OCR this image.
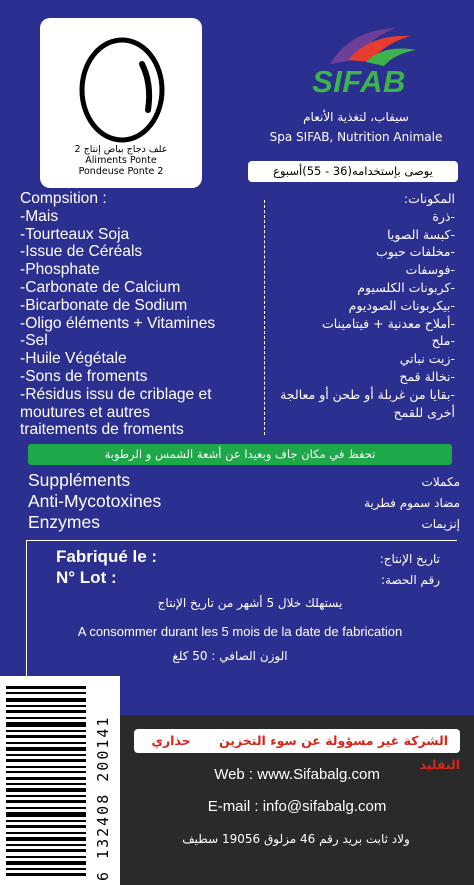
علف دجاج بياض إنتاج 2
Aliments Ponte
Pondeuse Ponte 2
SIFAB
سيفاب، لتغذية الأنعام
Spa SIFAB, Nutrition Animale
يوصى بإستخدامه(36 - 55)أسبوع
Compsition :
-Mais
-Tourteaux Soja
-Issue de Céréals
-Phosphate
-Carbonate de Calcium
-Bicarbonate de Sodium
-Oligo éléments + Vitamines
-Sel
-Huile Végétale
-Sons de froments
-Résidus issu de criblage et
moutures et autres
traitements de froments
المكونات:
-ذرة
-كبسة الصويا
-مخلفات حبوب
-فوسفات
-كربونات الكلسيوم
-بيكربونات الصوديوم
-أملاح معدنية + فيتامينات
-ملح
-زيت نباتي
-نخالة قمح
-بقايا من غربلة أو طحن أو معالجة
أخرى للقمح
تحفظ في مكان جاف وبعيدا عن أشعة الشمس و الرطوبة
Suppléments
Anti-Mycotoxines
Enzymes
مكملات
مضاد سموم فطرية
إنزيمات
Fabriqué le :
N° Lot :
تاريخ الإنتاج:
رقم الحصة:
يستهلك خلال 5 أشهر من تاريخ الإنتاج
A consommer durant les 5 mois de la date de fabrication
الوزن الصافي : 50 كلغ
6 132408 200141	الشركة غير مسؤولة عن سوء التخزين حذاري التقليد
Web : www.Sifabalg.com
E-mail : info@sifabalg.com
ولاد ثابت بريد رقم 46 مزلوق 19056 سطيف
